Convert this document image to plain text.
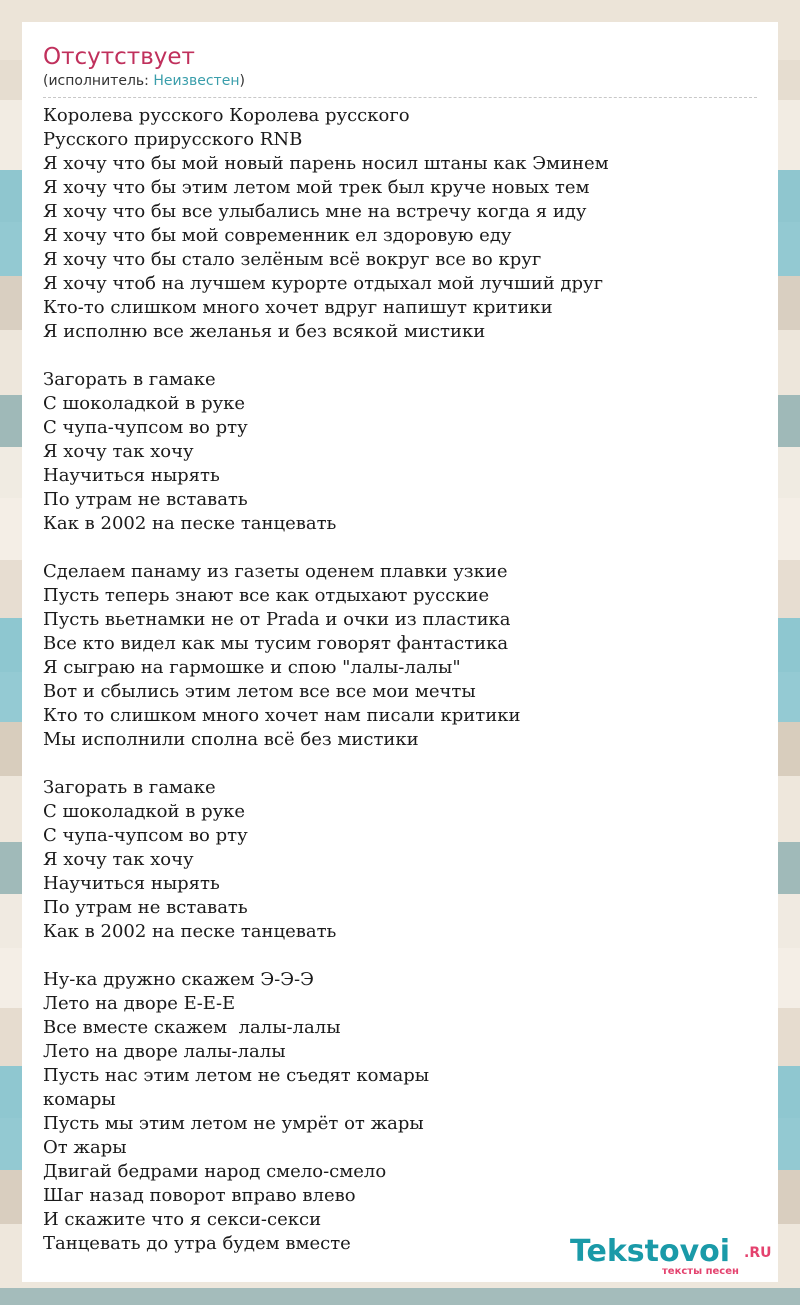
Отсутствует
(исполнитель: Неизвестен)
Королева русского Королева русского
Русского прирусского RNB
Я хочу что бы мой новый парень носил штаны как Эминем
Я хочу что бы этим летом мой трек был круче новых тем
Я хочу что бы все улыбались мне на встречу когда я иду
Я хочу что бы мой современник ел здоровую еду
Я хочу что бы стало зелёным всё вокруг все во круг
Я хочу чтоб на лучшем курорте отдыхал мой лучший друг
Кто-то слишком много хочет вдруг напишут критики
Я исполню все желанья и без всякой мистики
Загорать в гамаке
С шоколадкой в руке
С чупа-чупсом во рту
Я хочу так хочу
Научиться нырять
По утрам не вставать
Как в 2002 на песке танцевать
Сделаем панаму из газеты оденем плавки узкие
Пусть теперь знают все как отдыхают русские
Пусть вьетнамки не от Prada и очки из пластика
Все кто видел как мы тусим говорят фантастика
Я сыграю на гармошке и спою "лалы-лалы"
Вот и сбылись этим летом все все мои мечты
Кто то слишком много хочет нам писали критики
Мы исполнили сполна всё без мистики
Загорать в гамаке
С шоколадкой в руке
С чупа-чупсом во рту
Я хочу так хочу
Научиться нырять
По утрам не вставать
Как в 2002 на песке танцевать
Ну-ка дружно скажем Э-Э-Э
Лето на дворе Е-Е-Е
Все вместе скажем  лалы-лалы
Лето на дворе лалы-лалы
Пусть нас этим летом не съедят комары
комары
Пусть мы этим летом не умрёт от жары
От жары
Двигай бедрами народ смело-смело
Шаг назад поворот вправо влево
И скажите что я секси-секси
Танцевать до утра будем вместе	Tekstovoi .RU
тексты песен
